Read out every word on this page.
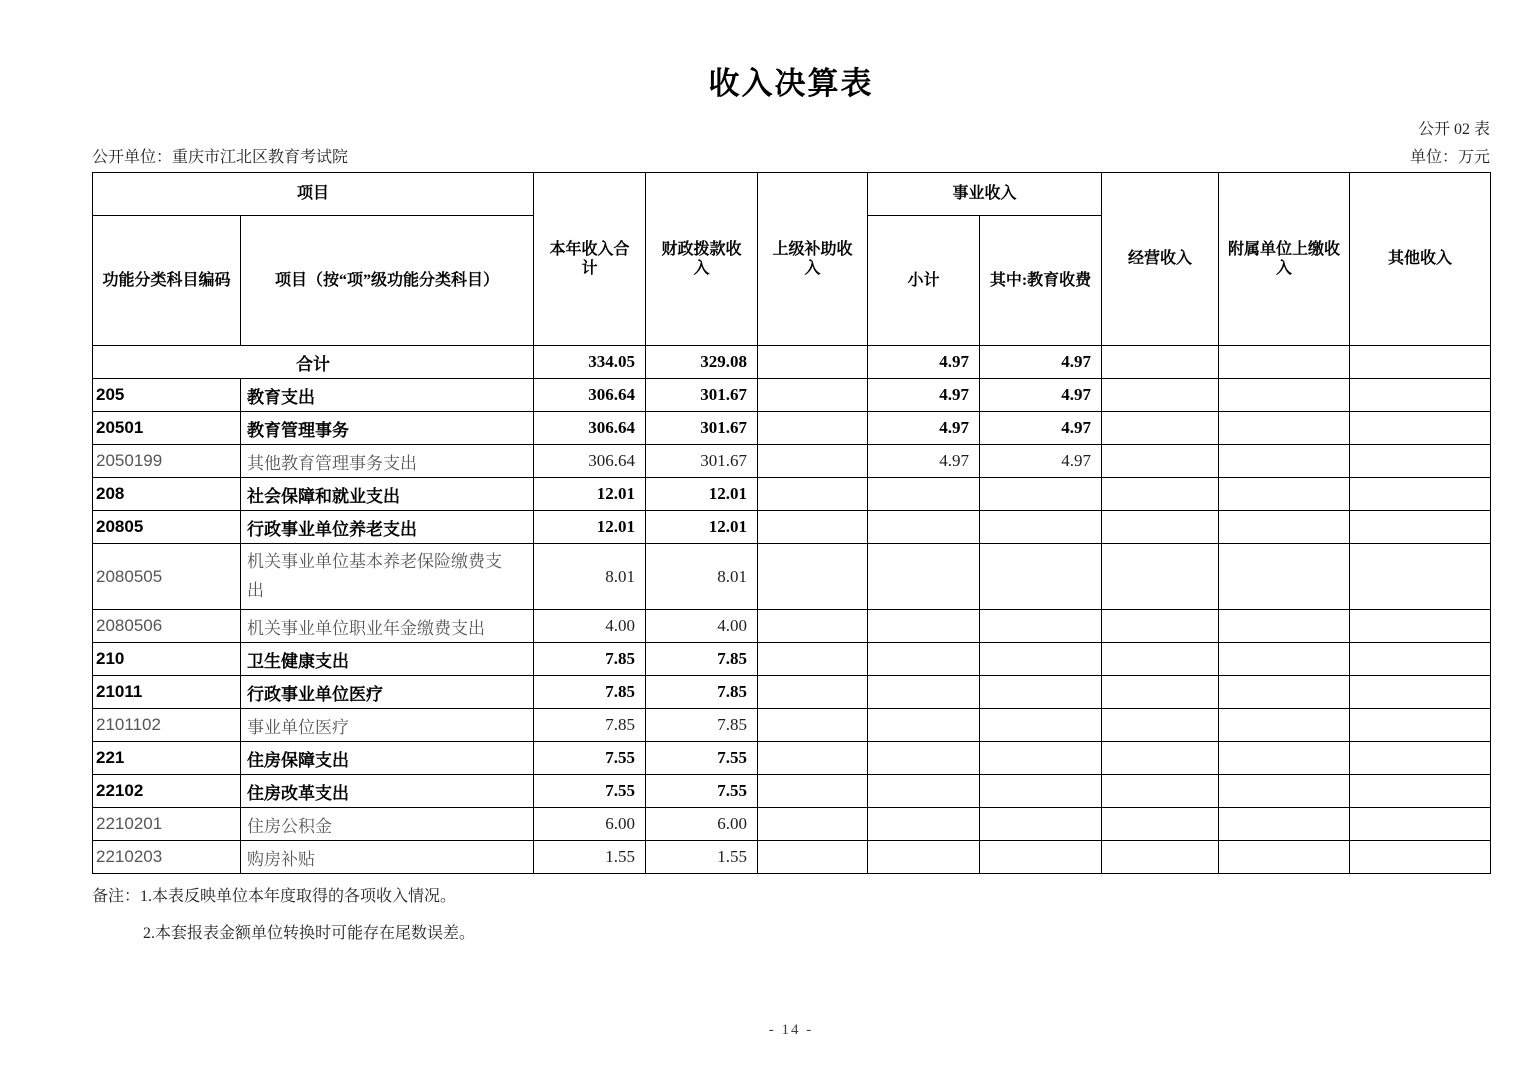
收入决算表
公开 02 表
公开单位：重庆市江北区教育考试院	单位：万元
项目		本年收入合计	财政拨款收入	上级补助收入	事业收入		经营收入	附属单位上缴收入	其他收入
功能分类科目编码	项目（按“项”级功能分类科目）				小计	其中:教育收费			
合计		334.05	329.08		4.97	4.97			
205	教育支出	306.64	301.67		4.97	4.97			
20501	教育管理事务	306.64	301.67		4.97	4.97			
2050199	其他教育管理事务支出	306.64	301.67		4.97	4.97			
208	社会保障和就业支出	12.01	12.01						
20805	行政事业单位养老支出	12.01	12.01						
2080505	机关事业单位基本养老保险缴费支出	8.01	8.01						
2080506	机关事业单位职业年金缴费支出	4.00	4.00						
210	卫生健康支出	7.85	7.85						
21011	行政事业单位医疗	7.85	7.85						
2101102	事业单位医疗	7.85	7.85						
221	住房保障支出	7.55	7.55						
22102	住房改革支出	7.55	7.55						
2210201	住房公积金	6.00	6.00						
2210203	购房补贴	1.55	1.55						
备注：1.本表反映单位本年度取得的各项收入情况。
2.本套报表金额单位转换时可能存在尾数误差。
- 14 -
